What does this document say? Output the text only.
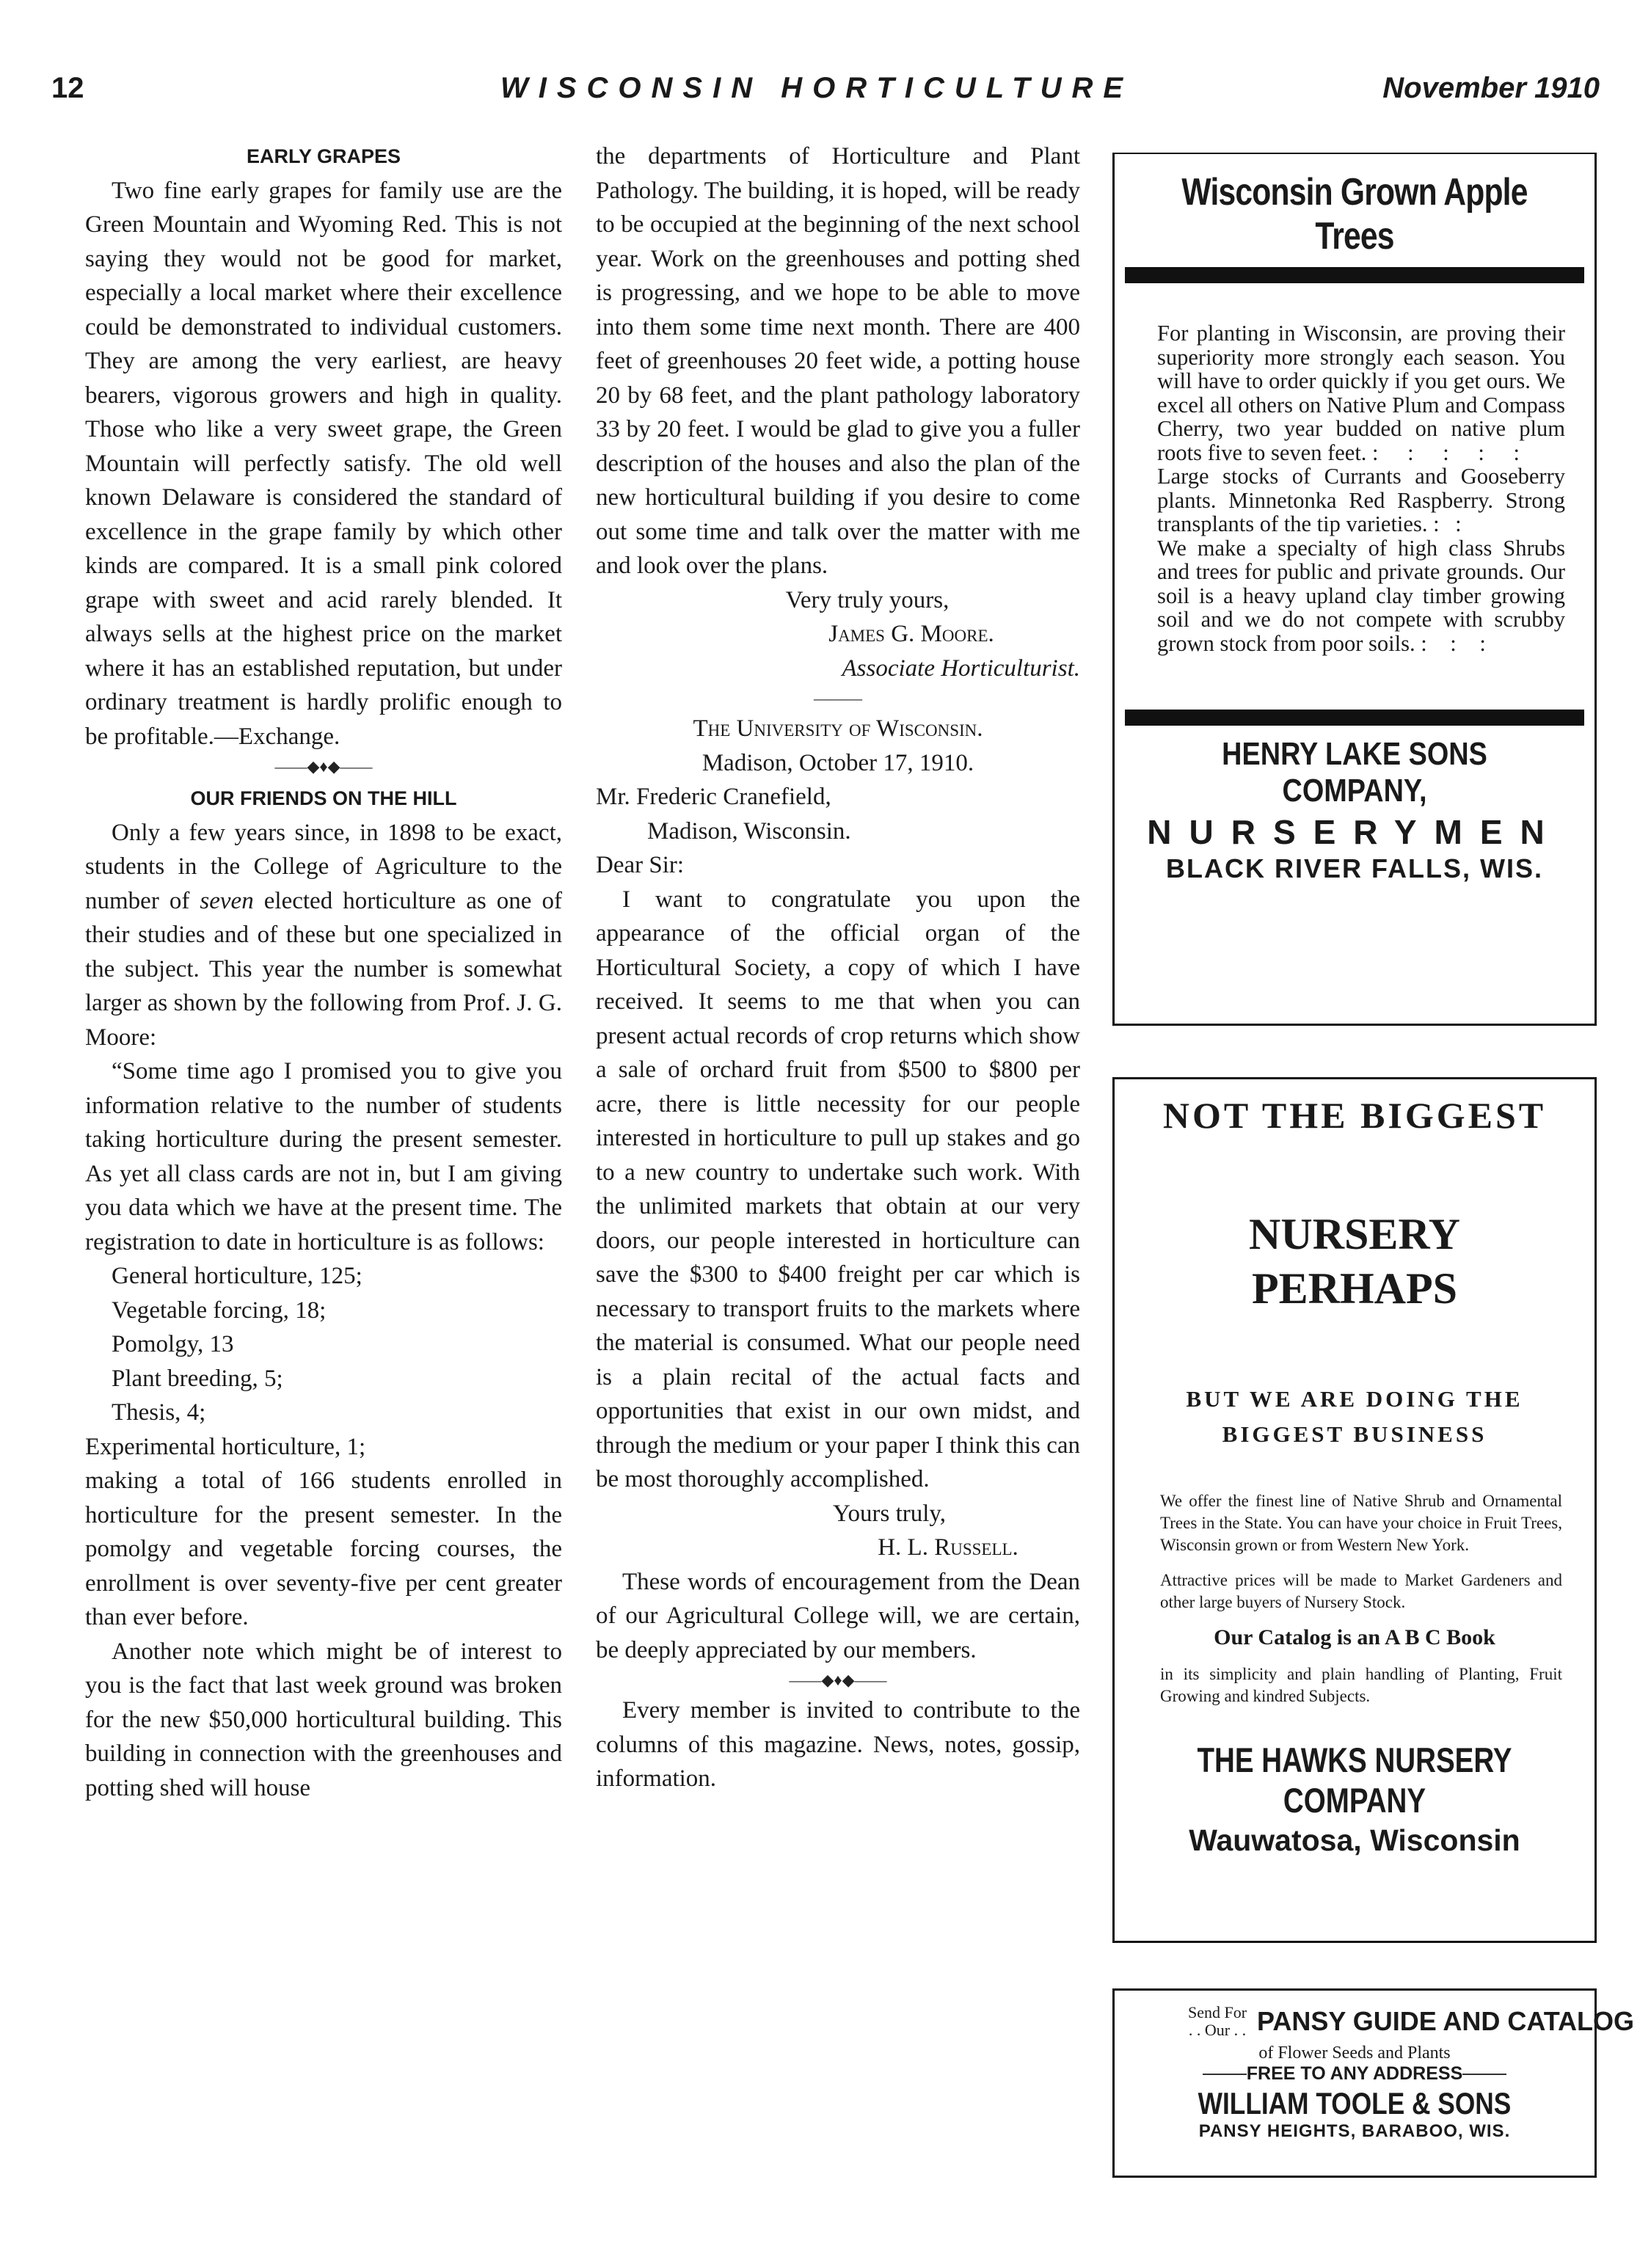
12	WISCONSIN HORTICULTURE	November 1910

EARLY GRAPES

Two fine early grapes for family use are the Green Mountain and Wyoming Red. This is not saying they would not be good for market, especially a local market where their excellence could be demonstrated to individual customers. They are among the very earliest, are heavy bearers, vigorous growers and high in quality. Those who like a very sweet grape, the Green Mountain will perfectly satisfy. The old well known Delaware is considered the standard of excellence in the grape family by which other kinds are compared. It is a small pink colored grape with sweet and acid rarely blended. It always sells at the highest price on the market where it has an established reputation, but under ordinary treatment is hardly prolific enough to be profitable.—Exchange.

——◆♦◆——

OUR FRIENDS ON THE HILL

Only a few years since, in 1898 to be exact, students in the College of Agriculture to the number of seven elected horticulture as one of their studies and of these but one specialized in the subject. This year the number is somewhat larger as shown by the following from Prof. J. G. Moore:

“Some time ago I promised you to give you information relative to the number of students taking horticulture during the present semester. As yet all class cards are not in, but I am giving you data which we have at the present time. The registration to date in horticulture is as follows:

General horticulture, 125;
Vegetable forcing, 18;
Pomolgy, 13
Plant breeding, 5;
Thesis, 4;
Experimental horticulture, 1;

making a total of 166 students enrolled in horticulture for the present semester. In the pomolgy and vegetable forcing courses, the enrollment is over seventy-five per cent greater than ever before.

Another note which might be of interest to you is the fact that last week ground was broken for the new $50,000 horticultural building. This building in connection with the greenhouses and potting shed will house

the departments of Horticulture and Plant Pathology. The building, it is hoped, will be ready to be occupied at the beginning of the next school year. Work on the greenhouses and potting shed is progressing, and we hope to be able to move into them some time next month. There are 400 feet of greenhouses 20 feet wide, a potting house 20 by 68 feet, and the plant pathology laboratory 33 by 20 feet. I would be glad to give you a fuller description of the houses and also the plan of the new horticultural building if you desire to come out some time and talk over the matter with me and look over the plans.

Very truly yours,

James G. Moore.

Associate Horticulturist.

———

The University of Wisconsin.

Madison, October 17, 1910.

Mr. Frederic Cranefield,

Madison, Wisconsin.

Dear Sir:

I want to congratulate you upon the appearance of the official organ of the Horticultural Society, a copy of which I have received. It seems to me that when you can present actual records of crop returns which show a sale of orchard fruit from $500 to $800 per acre, there is little necessity for our people interested in horticulture to pull up stakes and go to a new country to undertake such work. With the unlimited markets that obtain at our very doors, our people interested in horticulture can save the $300 to $400 freight per car which is necessary to transport fruits to the markets where the material is consumed. What our people need is a plain recital of the actual facts and opportunities that exist in our own midst, and through the medium or your paper I think this can be most thoroughly accomplished.

Yours truly,

H. L. Russell.

These words of encouragement from the Dean of our Agricultural College will, we are certain, be deeply appreciated by our members.

——◆♦◆——

Every member is invited to contribute to the columns of this magazine. News, notes, gossip, information.

Wisconsin Grown Apple Trees

For planting in Wisconsin, are proving their superiority more strongly each season. You will have to order quickly if you get ours. We excel all others on Native Plum and Compass Cherry, two year budded on native plum roots five to seven feet. : : : : :

Large stocks of Currants and Gooseberry plants. Minnetonka Red Raspberry. Strong transplants of the tip varieties. : :

We make a specialty of high class Shrubs and trees for public and private grounds. Our soil is a heavy upland clay timber growing soil and we do not compete with scrubby grown stock from poor soils. : : :

HENRY LAKE SONS COMPANY,
NURSERYMEN
BLACK RIVER FALLS, WIS.
NOT THE BIGGEST
NURSERY
PERHAPS
BUT WE ARE DOING THE
BIGGEST BUSINESS

We offer the finest line of Native Shrub and Ornamental Trees in the State. You can have your choice in Fruit Trees, Wisconsin grown or from Western New York.

Attractive prices will be made to Market Gardeners and other large buyers of Nursery Stock.

Our Catalog is an A B C Book

in its simplicity and plain handling of Planting, Fruit Growing and kindred Subjects.

THE HAWKS NURSERY COMPANY
Wauwatosa, Wisconsin
Send For
. . Our . . PANSY GUIDE AND CATALOG
of Flower Seeds and Plants
FREE TO ANY ADDRESS
WILLIAM TOOLE & SONS
PANSY HEIGHTS, BARABOO, WIS.
